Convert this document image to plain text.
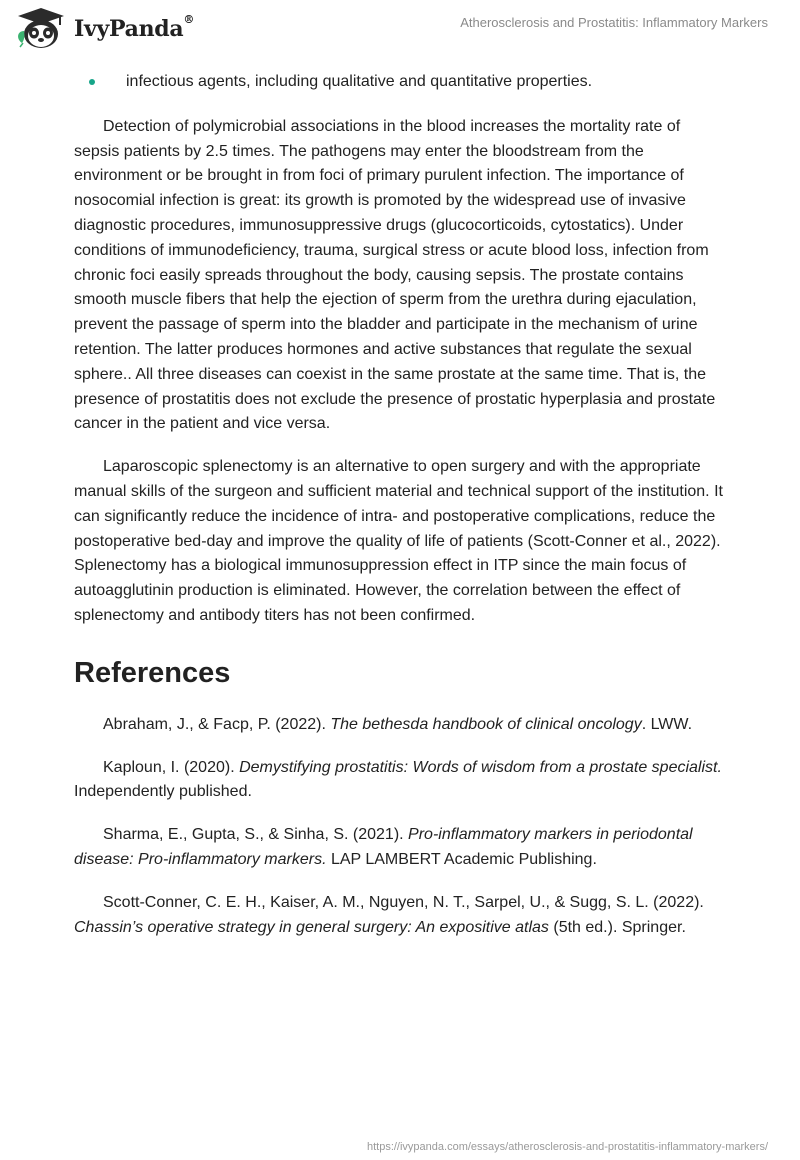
IvyPanda®	Atherosclerosis and Prostatitis: Inflammatory Markers
infectious agents, including qualitative and quantitative properties.

Detection of polymicrobial associations in the blood increases the mortality rate of sepsis patients by 2.5 times. The pathogens may enter the bloodstream from the environment or be brought in from foci of primary purulent infection. The importance of nosocomial infection is great: its growth is promoted by the widespread use of invasive diagnostic procedures, immunosuppressive drugs (glucocorticoids, cytostatics). Under conditions of immunodeficiency, trauma, surgical stress or acute blood loss, infection from chronic foci easily spreads throughout the body, causing sepsis. The prostate contains smooth muscle fibers that help the ejection of sperm from the urethra during ejaculation, prevent the passage of sperm into the bladder and participate in the mechanism of urine retention. The latter produces hormones and active substances that regulate the sexual sphere.. All three diseases can coexist in the same prostate at the same time. That is, the presence of prostatitis does not exclude the presence of prostatic hyperplasia and prostate cancer in the patient and vice versa.

Laparoscopic splenectomy is an alternative to open surgery and with the appropriate manual skills of the surgeon and sufficient material and technical support of the institution. It can significantly reduce the incidence of intra- and postoperative complications, reduce the postoperative bed-day and improve the quality of life of patients (Scott-Conner et al., 2022). Splenectomy has a biological immunosuppression effect in ITP since the main focus of autoagglutinin production is eliminated. However, the correlation between the effect of splenectomy and antibody titers has not been confirmed.

References

Abraham, J., & Facp, P. (2022). The bethesda handbook of clinical oncology. LWW.

Kaploun, I. (2020). Demystifying prostatitis: Words of wisdom from a prostate specialist. Independently published.

Sharma, E., Gupta, S., & Sinha, S. (2021). Pro-inflammatory markers in periodontal disease: Pro-inflammatory markers. LAP LAMBERT Academic Publishing.

Scott-Conner, C. E. H., Kaiser, A. M., Nguyen, N. T., Sarpel, U., & Sugg, S. L. (2022). Chassin’s operative strategy in general surgery: An expositive atlas (5th ed.). Springer.

https://ivypanda.com/essays/atherosclerosis-and-prostatitis-inflammatory-markers/
